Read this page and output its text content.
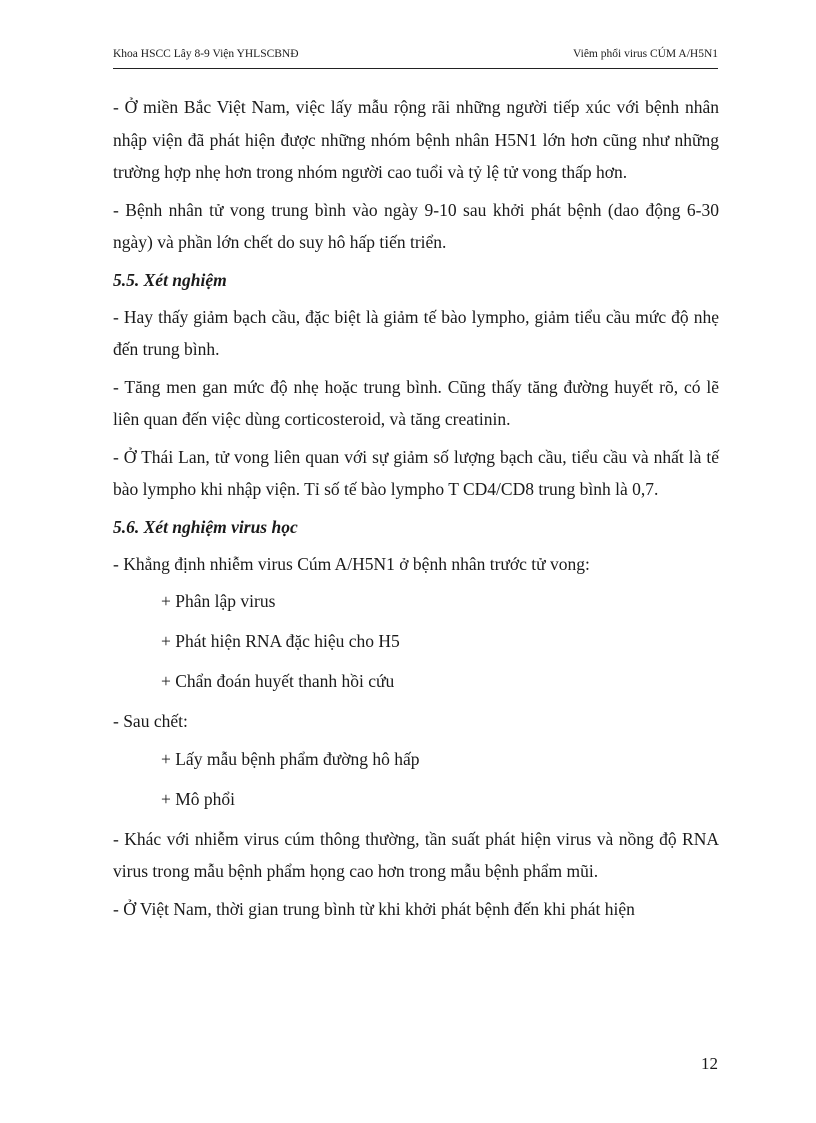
Khoa HSCC Lây 8-9 Viện YHLSCBNĐ	Viêm phổi virus CÚM A/H5N1

- Ở miền Bắc Việt Nam, việc lấy mẫu rộng rãi những người tiếp xúc với bệnh nhân nhập viện đã phát hiện được những nhóm bệnh nhân H5N1 lớn hơn cũng như những trường hợp nhẹ hơn trong nhóm người cao tuổi và tỷ lệ tử vong thấp hơn.

- Bệnh nhân tử vong trung bình vào ngày 9-10 sau khởi phát bệnh (dao động 6-30 ngày) và phần lớn chết do suy hô hấp tiến triển.

5.5. Xét nghiệm

- Hay thấy giảm bạch cầu, đặc biệt là giảm tế bào lympho, giảm tiểu cầu mức độ nhẹ đến trung bình.

- Tăng men gan mức độ nhẹ hoặc trung bình. Cũng thấy tăng đường huyết rõ, có lẽ liên quan đến việc dùng corticosteroid, và tăng creatinin.

- Ở Thái Lan, tử vong liên quan với sự giảm số lượng bạch cầu, tiểu cầu và nhất là tế bào lympho khi nhập viện. Tỉ số tế bào lympho T CD4/CD8 trung bình là 0,7.

5.6. Xét nghiệm virus học

- Khẳng định nhiễm virus Cúm A/H5N1 ở bệnh nhân trước tử vong:

+ Phân lập virus
+ Phát hiện RNA đặc hiệu cho H5
+ Chẩn đoán huyết thanh hồi cứu

- Sau chết:

+ Lấy mẫu bệnh phẩm đường hô hấp
+ Mô phổi

- Khác với nhiễm virus cúm thông thường, tần suất phát hiện virus và nồng độ RNA virus trong mẫu bệnh phẩm họng cao hơn trong mẫu bệnh phẩm mũi.

- Ở Việt Nam, thời gian trung bình từ khi khởi phát bệnh đến khi phát hiện

12
